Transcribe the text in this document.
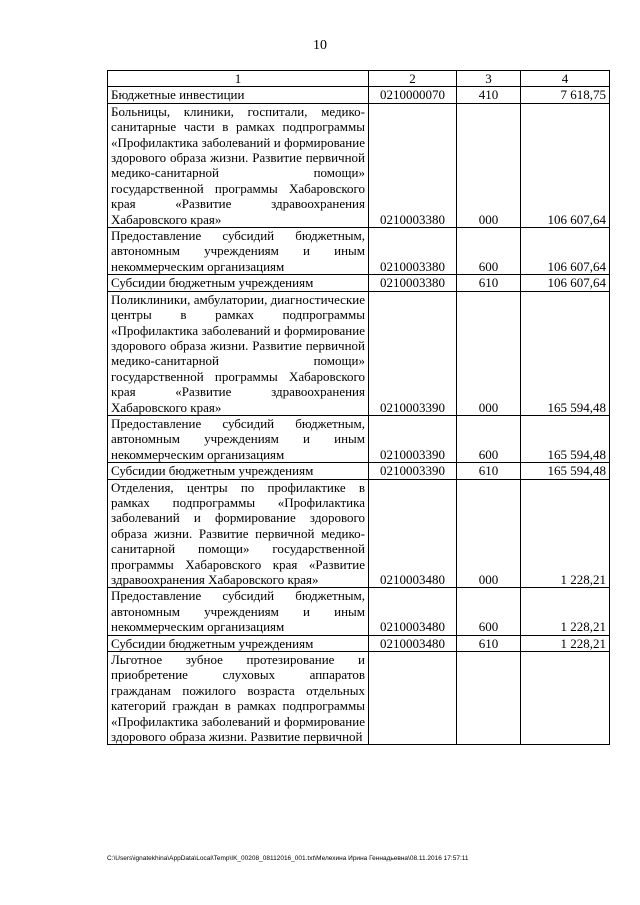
10
1	2	3	4
Бюджетные инвестиции	0210000070	410	7 618,75
Больницы, клиники, госпитали, медико-санитарные части в рамках подпрограммы «Профилактика заболеваний и формирование здорового образа жизни. Развитие первичной медико-санитарной помощи» государственной программы Хабаровского края «Развитие здравоохранения Хабаровского края»	0210003380	000	106 607,64
Предоставление субсидий бюджетным, автономным учреждениям и иным некоммерческим организациям	0210003380	600	106 607,64
Субсидии бюджетным учреждениям	0210003380	610	106 607,64
Поликлиники, амбулатории, диагностические центры в рамках подпрограммы «Профилактика заболеваний и формирование здорового образа жизни. Развитие первичной медико-санитарной помощи» государственной программы Хабаровского края «Развитие здравоохранения Хабаровского края»	0210003390	000	165 594,48
Предоставление субсидий бюджетным, автономным учреждениям и иным некоммерческим организациям	0210003390	600	165 594,48
Субсидии бюджетным учреждениям	0210003390	610	165 594,48
Отделения, центры по профилактике в рамках подпрограммы «Профилактика заболеваний и формирование здорового образа жизни. Развитие первичной медико-санитарной помощи» государственной программы Хабаровского края «Развитие здравоохранения Хабаровского края»	0210003480	000	1 228,21
Предоставление субсидий бюджетным, автономным учреждениям и иным некоммерческим организациям	0210003480	600	1 228,21
Субсидии бюджетным учреждениям	0210003480	610	1 228,21
Льготное зубное протезирование и приобретение слуховых аппаратов гражданам пожилого возраста отдельных категорий граждан в рамках подпрограммы «Профилактика заболеваний и формирование здорового образа жизни. Развитие первичной			
C:\Users\ignatekhina\AppData\Local\Temp\IK_00208_08112016_001.txt\Мелехина Ирина Геннадьевна\08.11.2016 17:57:11
